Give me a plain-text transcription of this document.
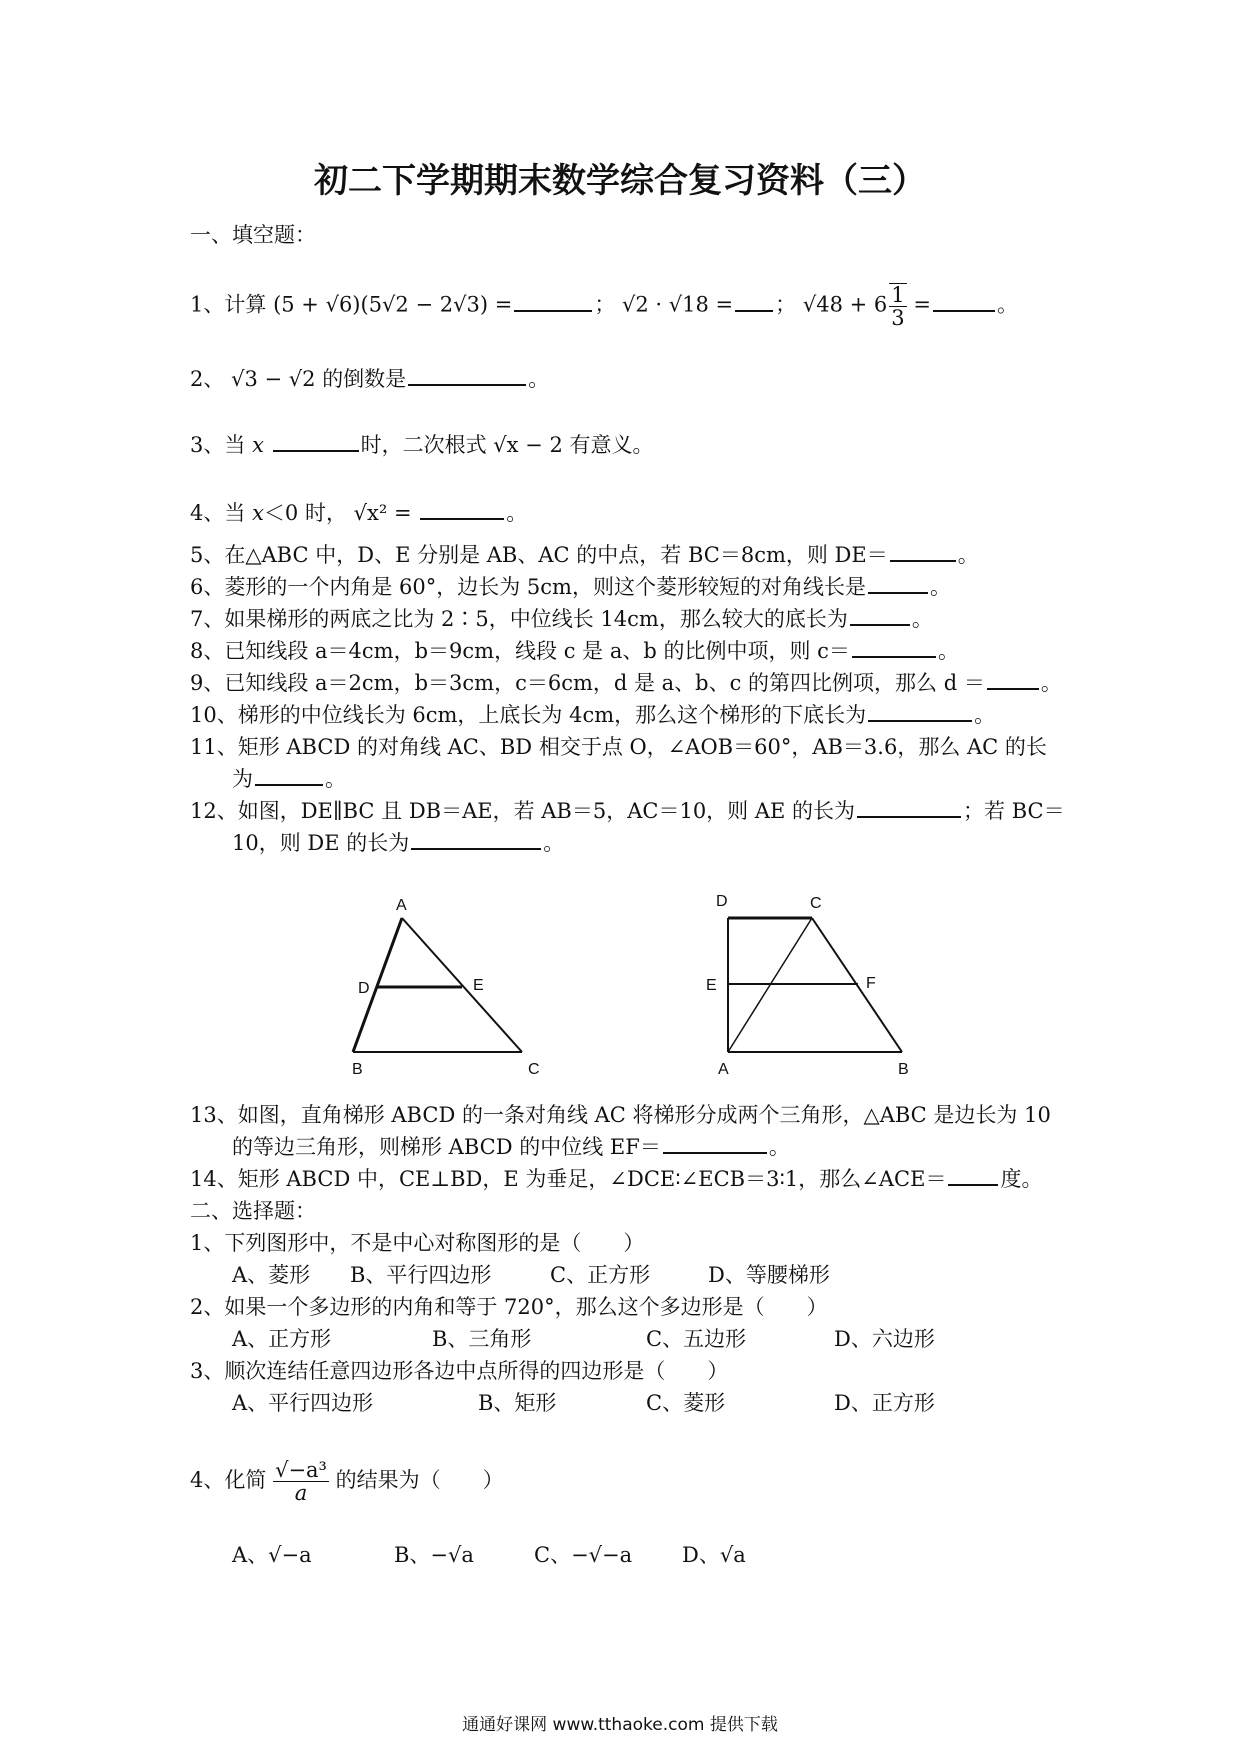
初二下学期期末数学综合复习资料（三）
一、填空题：
1、计算 (5 + √6)(5√2 − 2√3) =	； √2 · √18 = ； $√48 + 6 \frac{1}{3}$ =	。
2、 √3 − √2 的倒数是	。
3、当 x	时，二次根式 √x − 2 有意义。
4、当 x＜0 时， √x² =	。
5、在△ABC 中，D、E 分别是 AB、AC 的中点，若 BC＝8cm，则 DE＝	。
6、菱形的一个内角是 60°，边长为 5cm，则这个菱形较短的对角线长是	。
7、如果梯形的两底之比为 2∶5，中位线长 14cm，那么较大的底长为	。
8、已知线段 a＝4cm，b＝9cm，线段 c 是 a、b 的比例中项，则 c＝	。
9、已知线段 a＝2cm，b＝3cm，c＝6cm，d 是 a、b、c 的第四比例项，那么 d ＝	。
10、梯形的中位线长为 6cm，上底长为 4cm，那么这个梯形的下底长为	。
11、矩形 ABCD 的对角线 AC、BD 相交于点 O，∠AOB＝60°，AB＝3.6，那么 AC 的长
为	。
12、如图，DE∥BC 且 DB＝AE，若 AB＝5，AC＝10，则 AE 的长为	；若 BC＝
10，则 DE 的长为	。
A
B	C
D	E
D	C
E	F
A	B
13、如图，直角梯形 ABCD 的一条对角线 AC 将梯形分成两个三角形，△ABC 是边长为 10
的等边三角形，则梯形 ABCD 的中位线 EF＝	。
14、矩形 ABCD 中，CE⊥BD，E 为垂足，∠DCE∶∠ECB＝3∶1，那么∠ACE＝	度。
二、选择题：
1、下列图形中，不是中心对称图形的是（　　）
A、菱形 B、平行四边形	C、正方形	D、等腰梯形
2、如果一个多边形的内角和等于 720°，那么这个多边形是（　　）
A、正方形	B、三角形	C、五边形	D、六边形
3、顺次连结任意四边形各边中点所得的四边形是（　　）
A、平行四边形	B、矩形	C、菱形	D、正方形
4、化简 $\frac{\text{√−a³}}{a}$ 的结果为（　　）
A、√−a	B、−√a	C、−√−a D、√a
通通好课网 www.tthaoke.com 提供下载
